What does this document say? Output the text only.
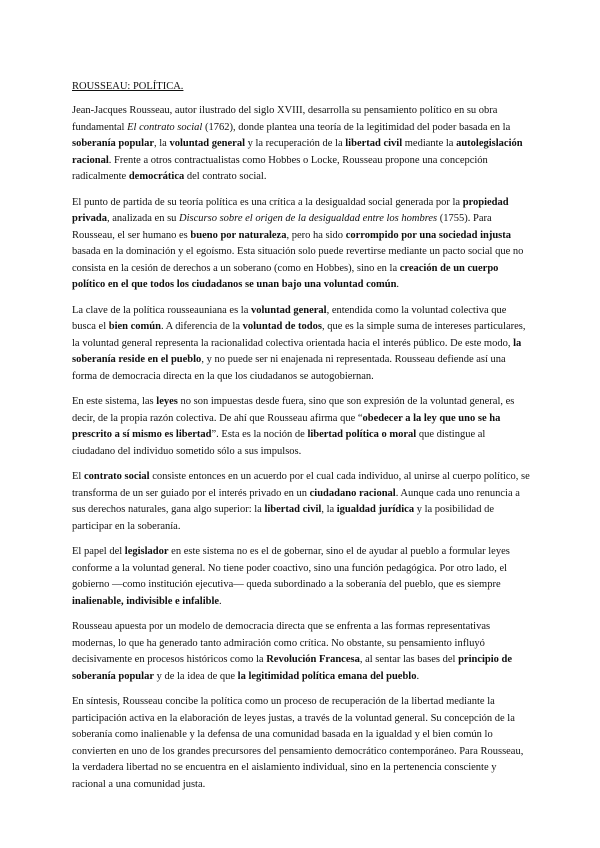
ROUSSEAU: POLÍTICA.

Jean-Jacques Rousseau, autor ilustrado del siglo XVIII, desarrolla su pensamiento político en su obra fundamental El contrato social (1762), donde plantea una teoría de la legitimidad del poder basada en la soberanía popular, la voluntad general y la recuperación de la libertad civil mediante la autolegislación racional. Frente a otros contractualistas como Hobbes o Locke, Rousseau propone una concepción radicalmente democrática del contrato social.

El punto de partida de su teoría política es una crítica a la desigualdad social generada por la propiedad privada, analizada en su Discurso sobre el origen de la desigualdad entre los hombres (1755). Para Rousseau, el ser humano es bueno por naturaleza, pero ha sido corrompido por una sociedad injusta basada en la dominación y el egoísmo. Esta situación solo puede revertirse mediante un pacto social que no consista en la cesión de derechos a un soberano (como en Hobbes), sino en la creación de un cuerpo político en el que todos los ciudadanos se unan bajo una voluntad común.

La clave de la política rousseauniana es la voluntad general, entendida como la voluntad colectiva que busca el bien común. A diferencia de la voluntad de todos, que es la simple suma de intereses particulares, la voluntad general representa la racionalidad colectiva orientada hacia el interés público. De este modo, la soberanía reside en el pueblo, y no puede ser ni enajenada ni representada. Rousseau defiende así una forma de democracia directa en la que los ciudadanos se autogobiernan.

En este sistema, las leyes no son impuestas desde fuera, sino que son expresión de la voluntad general, es decir, de la propia razón colectiva. De ahí que Rousseau afirma que “obedecer a la ley que uno se ha prescrito a sí mismo es libertad”. Esta es la noción de libertad política o moral que distingue al ciudadano del individuo sometido sólo a sus impulsos.

El contrato social consiste entonces en un acuerdo por el cual cada individuo, al unirse al cuerpo político, se transforma de un ser guiado por el interés privado en un ciudadano racional. Aunque cada uno renuncia a sus derechos naturales, gana algo superior: la libertad civil, la igualdad jurídica y la posibilidad de participar en la soberanía.

El papel del legislador en este sistema no es el de gobernar, sino el de ayudar al pueblo a formular leyes conforme a la voluntad general. No tiene poder coactivo, sino una función pedagógica. Por otro lado, el gobierno —como institución ejecutiva— queda subordinado a la soberanía del pueblo, que es siempre inalienable, indivisible e infalible.

Rousseau apuesta por un modelo de democracia directa que se enfrenta a las formas representativas modernas, lo que ha generado tanto admiración como crítica. No obstante, su pensamiento influyó decisivamente en procesos históricos como la Revolución Francesa, al sentar las bases del principio de soberanía popular y de la idea de que la legitimidad política emana del pueblo.

En síntesis, Rousseau concibe la política como un proceso de recuperación de la libertad mediante la participación activa en la elaboración de leyes justas, a través de la voluntad general. Su concepción de la soberanía como inalienable y la defensa de una comunidad basada en la igualdad y el bien común lo convierten en uno de los grandes precursores del pensamiento democrático contemporáneo. Para Rousseau, la verdadera libertad no se encuentra en el aislamiento individual, sino en la pertenencia consciente y racional a una comunidad justa.
